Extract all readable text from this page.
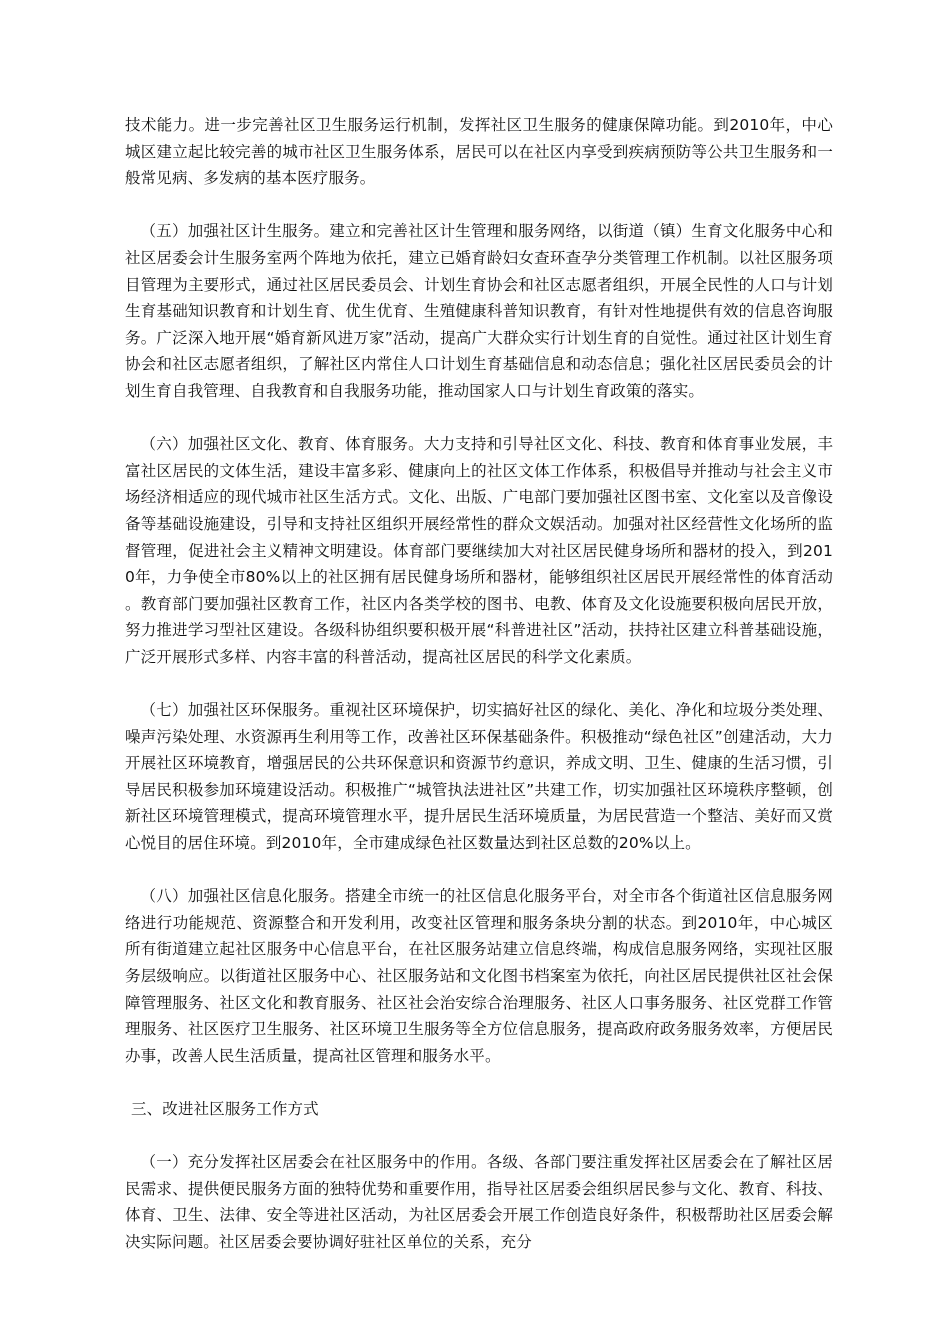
技术能力。进一步完善社区卫生服务运行机制，发挥社区卫生服务的健康保障功能。到2010年，中心城区建立起比较完善的城市社区卫生服务体系，居民可以在社区内享受到疾病预防等公共卫生服务和一般常见病、多发病的基本医疗服务。

（五）加强社区计生服务。建立和完善社区计生管理和服务网络，以街道（镇）生育文化服务中心和社区居委会计生服务室两个阵地为依托，建立已婚育龄妇女查环查孕分类管理工作机制。以社区服务项目管理为主要形式，通过社区居民委员会、计划生育协会和社区志愿者组织，开展全民性的人口与计划生育基础知识教育和计划生育、优生优育、生殖健康科普知识教育，有针对性地提供有效的信息咨询服务。广泛深入地开展“婚育新风进万家”活动，提高广大群众实行计划生育的自觉性。通过社区计划生育协会和社区志愿者组织，了解社区内常住人口计划生育基础信息和动态信息；强化社区居民委员会的计划生育自我管理、自我教育和自我服务功能，推动国家人口与计划生育政策的落实。

（六）加强社区文化、教育、体育服务。大力支持和引导社区文化、科技、教育和体育事业发展，丰富社区居民的文体生活，建设丰富多彩、健康向上的社区文体工作体系，积极倡导并推动与社会主义市场经济相适应的现代城市社区生活方式。文化、出版、广电部门要加强社区图书室、文化室以及音像设备等基础设施建设，引导和支持社区组织开展经常性的群众文娱活动。加强对社区经营性文化场所的监督管理，促进社会主义精神文明建设。体育部门要继续加大对社区居民健身场所和器材的投入，到2010年，力争使全市80%以上的社区拥有居民健身场所和器材，能够组织社区居民开展经常性的体育活动。教育部门要加强社区教育工作，社区内各类学校的图书、电教、体育及文化设施要积极向居民开放，努力推进学习型社区建设。各级科协组织要积极开展“科普进社区”活动，扶持社区建立科普基础设施，广泛开展形式多样、内容丰富的科普活动，提高社区居民的科学文化素质。

（七）加强社区环保服务。重视社区环境保护，切实搞好社区的绿化、美化、净化和垃圾分类处理、噪声污染处理、水资源再生利用等工作，改善社区环保基础条件。积极推动“绿色社区”创建活动，大力开展社区环境教育，增强居民的公共环保意识和资源节约意识，养成文明、卫生、健康的生活习惯，引导居民积极参加环境建设活动。积极推广“城管执法进社区”共建工作，切实加强社区环境秩序整顿，创新社区环境管理模式，提高环境管理水平，提升居民生活环境质量，为居民营造一个整洁、美好而又赏心悦目的居住环境。到2010年，全市建成绿色社区数量达到社区总数的20%以上。

（八）加强社区信息化服务。搭建全市统一的社区信息化服务平台，对全市各个街道社区信息服务网络进行功能规范、资源整合和开发利用，改变社区管理和服务条块分割的状态。到2010年，中心城区所有街道建立起社区服务中心信息平台，在社区服务站建立信息终端，构成信息服务网络，实现社区服务层级响应。以街道社区服务中心、社区服务站和文化图书档案室为依托，向社区居民提供社区社会保障管理服务、社区文化和教育服务、社区社会治安综合治理服务、社区人口事务服务、社区党群工作管理服务、社区医疗卫生服务、社区环境卫生服务等全方位信息服务，提高政府政务服务效率，方便居民办事，改善人民生活质量，提高社区管理和服务水平。

三、改进社区服务工作方式

（一）充分发挥社区居委会在社区服务中的作用。各级、各部门要注重发挥社区居委会在了解社区居民需求、提供便民服务方面的独特优势和重要作用，指导社区居委会组织居民参与文化、教育、科技、体育、卫生、法律、安全等进社区活动，为社区居委会开展工作创造良好条件，积极帮助社区居委会解决实际问题。社区居委会要协调好驻社区单位的关系，充分
